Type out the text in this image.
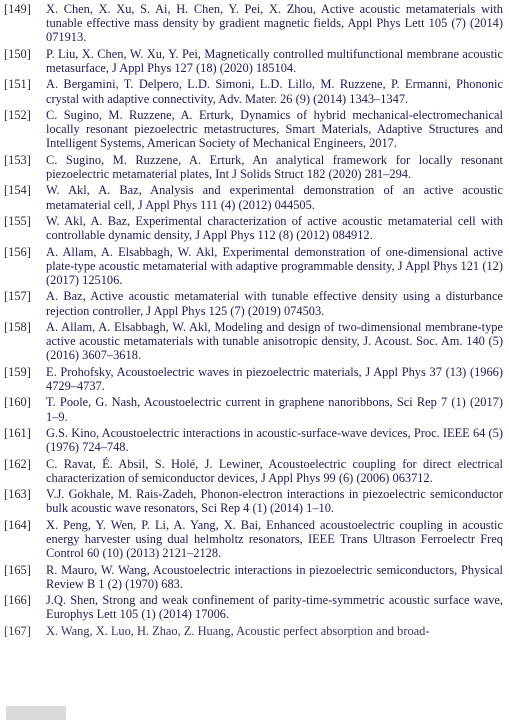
[149] X. Chen, X. Xu, S. Ai, H. Chen, Y. Pei, X. Zhou, Active acoustic metamaterials with tunable effective mass density by gradient magnetic fields, Appl Phys Lett 105 (7) (2014) 071913.
[150] P. Liu, X. Chen, W. Xu, Y. Pei, Magnetically controlled multifunctional membrane acoustic metasurface, J Appl Phys 127 (18) (2020) 185104.
[151] A. Bergamini, T. Delpero, L.D. Simoni, L.D. Lillo, M. Ruzzene, P. Ermanni, Phononic crystal with adaptive connectivity, Adv. Mater. 26 (9) (2014) 1343–1347.
[152] C. Sugino, M. Ruzzene, A. Erturk, Dynamics of hybrid mechanical-electromechanical locally resonant piezoelectric metastructures, Smart Materials, Adaptive Structures and Intelligent Systems, American Society of Mechanical Engineers, 2017.
[153] C. Sugino, M. Ruzzene, A. Erturk, An analytical framework for locally resonant piezoelectric metamaterial plates, Int J Solids Struct 182 (2020) 281–294.
[154] W. Akl, A. Baz, Analysis and experimental demonstration of an active acoustic metamaterial cell, J Appl Phys 111 (4) (2012) 044505.
[155] W. Akl, A. Baz, Experimental characterization of active acoustic metamaterial cell with controllable dynamic density, J Appl Phys 112 (8) (2012) 084912.
[156] A. Allam, A. Elsabbagh, W. Akl, Experimental demonstration of one-dimensional active plate-type acoustic metamaterial with adaptive programmable density, J Appl Phys 121 (12) (2017) 125106.
[157] A. Baz, Active acoustic metamaterial with tunable effective density using a disturbance rejection controller, J Appl Phys 125 (7) (2019) 074503.
[158] A. Allam, A. Elsabbagh, W. Akl, Modeling and design of two-dimensional membrane-type active acoustic metamaterials with tunable anisotropic density, J. Acoust. Soc. Am. 140 (5) (2016) 3607–3618.
[159] E. Prohofsky, Acoustoelectric waves in piezoelectric materials, J Appl Phys 37 (13) (1966) 4729–4737.
[160] T. Poole, G. Nash, Acoustoelectric current in graphene nanoribbons, Sci Rep 7 (1) (2017) 1–9.
[161] G.S. Kino, Acoustoelectric interactions in acoustic-surface-wave devices, Proc. IEEE 64 (5) (1976) 724–748.
[162] C. Ravat, É. Absil, S. Holé, J. Lewiner, Acoustoelectric coupling for direct electrical characterization of semiconductor devices, J Appl Phys 99 (6) (2006) 063712.
[163] V.J. Gokhale, M. Rais-Zadeh, Phonon-electron interactions in piezoelectric semiconductor bulk acoustic wave resonators, Sci Rep 4 (1) (2014) 1–10.
[164] X. Peng, Y. Wen, P. Li, A. Yang, X. Bai, Enhanced acoustoelectric coupling in acoustic energy harvester using dual helmholtz resonators, IEEE Trans Ultrason Ferroelectr Freq Control 60 (10) (2013) 2121–2128.
[165] R. Mauro, W. Wang, Acoustoelectric interactions in piezoelectric semiconductors, Physical Review B 1 (2) (1970) 683.
[166] J.Q. Shen, Strong and weak confinement of parity-time-symmetric acoustic surface wave, Europhys Lett 105 (1) (2014) 17006.
[167] X. Wang, X. Luo, H. Zhao, Z. Huang, Acoustic perfect absorption and broad-
